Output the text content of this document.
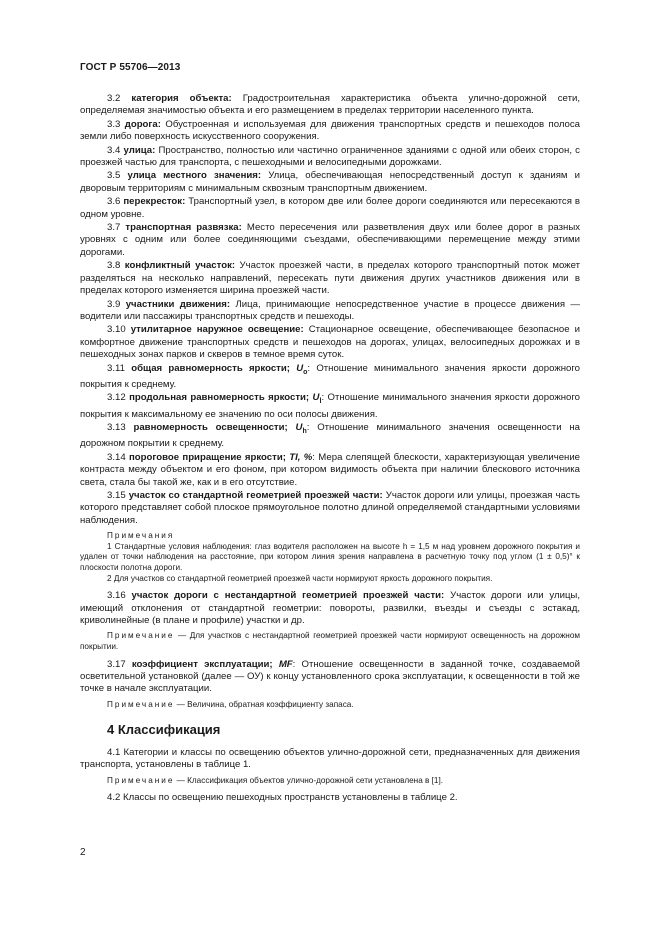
ГОСТ Р 55706—2013
3.2 категория объекта: Градостроительная характеристика объекта улично-дорожной сети, определяемая значимостью объекта и его размещением в пределах территории населенного пункта.
3.3 дорога: Обустроенная и используемая для движения транспортных средств и пешеходов полоса земли либо поверхность искусственного сооружения.
3.4 улица: Пространство, полностью или частично ограниченное зданиями с одной или обеих сторон, с проезжей частью для транспорта, с пешеходными и велосипедными дорожками.
3.5 улица местного значения: Улица, обеспечивающая непосредственный доступ к зданиям и дворовым территориям с минимальным сквозным транспортным движением.
3.6 перекресток: Транспортный узел, в котором две или более дороги соединяются или пересекаются в одном уровне.
3.7 транспортная развязка: Место пересечения или разветвления двух или более дорог в разных уровнях с одним или более соединяющими съездами, обеспечивающими перемещение между этими дорогами.
3.8 конфликтный участок: Участок проезжей части, в пределах которого транспортный поток может разделяться на несколько направлений, пересекать пути движения других участников движения или в пределах которого изменяется ширина проезжей части.
3.9 участники движения: Лица, принимающие непосредственное участие в процессе движения — водители или пассажиры транспортных средств и пешеходы.
3.10 утилитарное наружное освещение: Стационарное освещение, обеспечивающее безопасное и комфортное движение транспортных средств и пешеходов на дорогах, улицах, велосипедных дорожках и в пешеходных зонах парков и скверов в темное время суток.
3.11 общая равномерность яркости; $U_o$: Отношение минимального значения яркости дорожного покрытия к среднему.
3.12 продольная равномерность яркости; $U_l$: Отношение минимального значения яркости дорожного покрытия к максимальному ее значению по оси полосы движения.
3.13 равномерность освещенности; $U_h$: Отношение минимального значения освещенности на дорожном покрытии к среднему.
3.14 пороговое приращение яркости; TI, %: Мера слепящей блескости, характеризующая увеличение контраста между объектом и его фоном, при котором видимость объекта при наличии блескового источника света, стала бы такой же, как и в его отсутствие.
3.15 участок со стандартной геометрией проезжей части: Участок дороги или улицы, проезжая часть которого представляет собой плоское прямоугольное полотно длиной определяемой стандартными условиями наблюдения.
Примечания
1 Стандартные условия наблюдения: глаз водителя расположен на высоте h = 1,5 м над уровнем дорожного покрытия и удален от точки наблюдения на расстояние, при котором линия зрения направлена в расчетную точку под углом (1 ± 0,5)° к плоскости полотна дороги.
2 Для участков со стандартной геометрией проезжей части нормируют яркость дорожного покрытия.
3.16 участок дороги с нестандартной геометрией проезжей части: Участок дороги или улицы, имеющий отклонения от стандартной геометрии: повороты, развилки, въезды и съезды с эстакад, криволинейные (в плане и профиле) участки и др.
Примечание — Для участков с нестандартной геометрией проезжей части нормируют освещенность на дорожном покрытии.
3.17 коэффициент эксплуатации; MF: Отношение освещенности в заданной точке, создаваемой осветительной установкой (далее — ОУ) к концу установленного срока эксплуатации, к освещенности в той же точке в начале эксплуатации.
Примечание — Величина, обратная коэффициенту запаса.
4 Классификация
4.1 Категории и классы по освещению объектов улично-дорожной сети, предназначенных для движения транспорта, установлены в таблице 1.
Примечание — Классификация объектов улично-дорожной сети установлена в [1].
4.2 Классы по освещению пешеходных пространств установлены в таблице 2.
2
